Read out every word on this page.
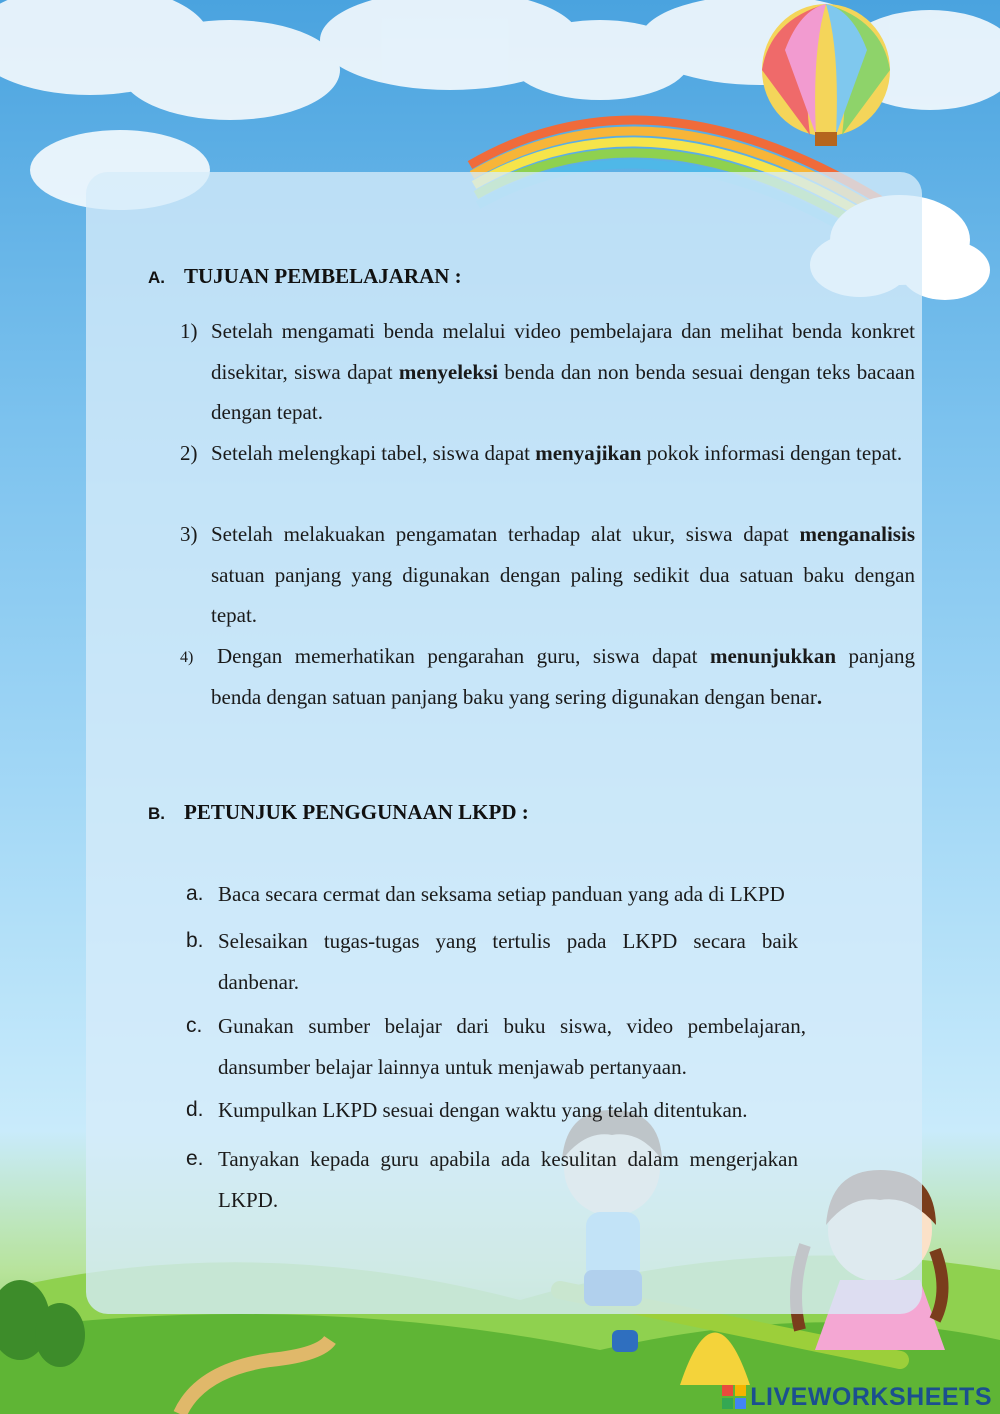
A. TUJUAN PEMBELAJARAN :
1) Setelah mengamati benda melalui video pembelajara dan melihat benda konkret disekitar, siswa dapat menyeleksi benda dan non benda sesuai dengan teks bacaan dengan tepat.
2) Setelah melengkapi tabel, siswa dapat menyajikan pokok informasi dengan tepat.
3) Setelah melakuakan pengamatan terhadap alat ukur, siswa dapat menganalisis satuan panjang yang digunakan dengan paling sedikit dua satuan baku dengan tepat.
4) Dengan memerhatikan pengarahan guru, siswa dapat menunjukkan panjang benda dengan satuan panjang baku yang sering digunakan dengan benar.
B. PETUNJUK PENGGUNAAN LKPD :
a. Baca secara cermat dan seksama setiap panduan yang ada di LKPD
b. Selesaikan tugas-tugas yang tertulis pada LKPD secara baik danbenar.
c. Gunakan sumber belajar dari buku siswa, video pembelajaran, dansumber belajar lainnya untuk menjawab pertanyaan.
d. Kumpulkan LKPD sesuai dengan waktu yang telah ditentukan.
e. Tanyakan kepada guru apabila ada kesulitan dalam mengerjakan LKPD.
LIVEWORKSHEETS
